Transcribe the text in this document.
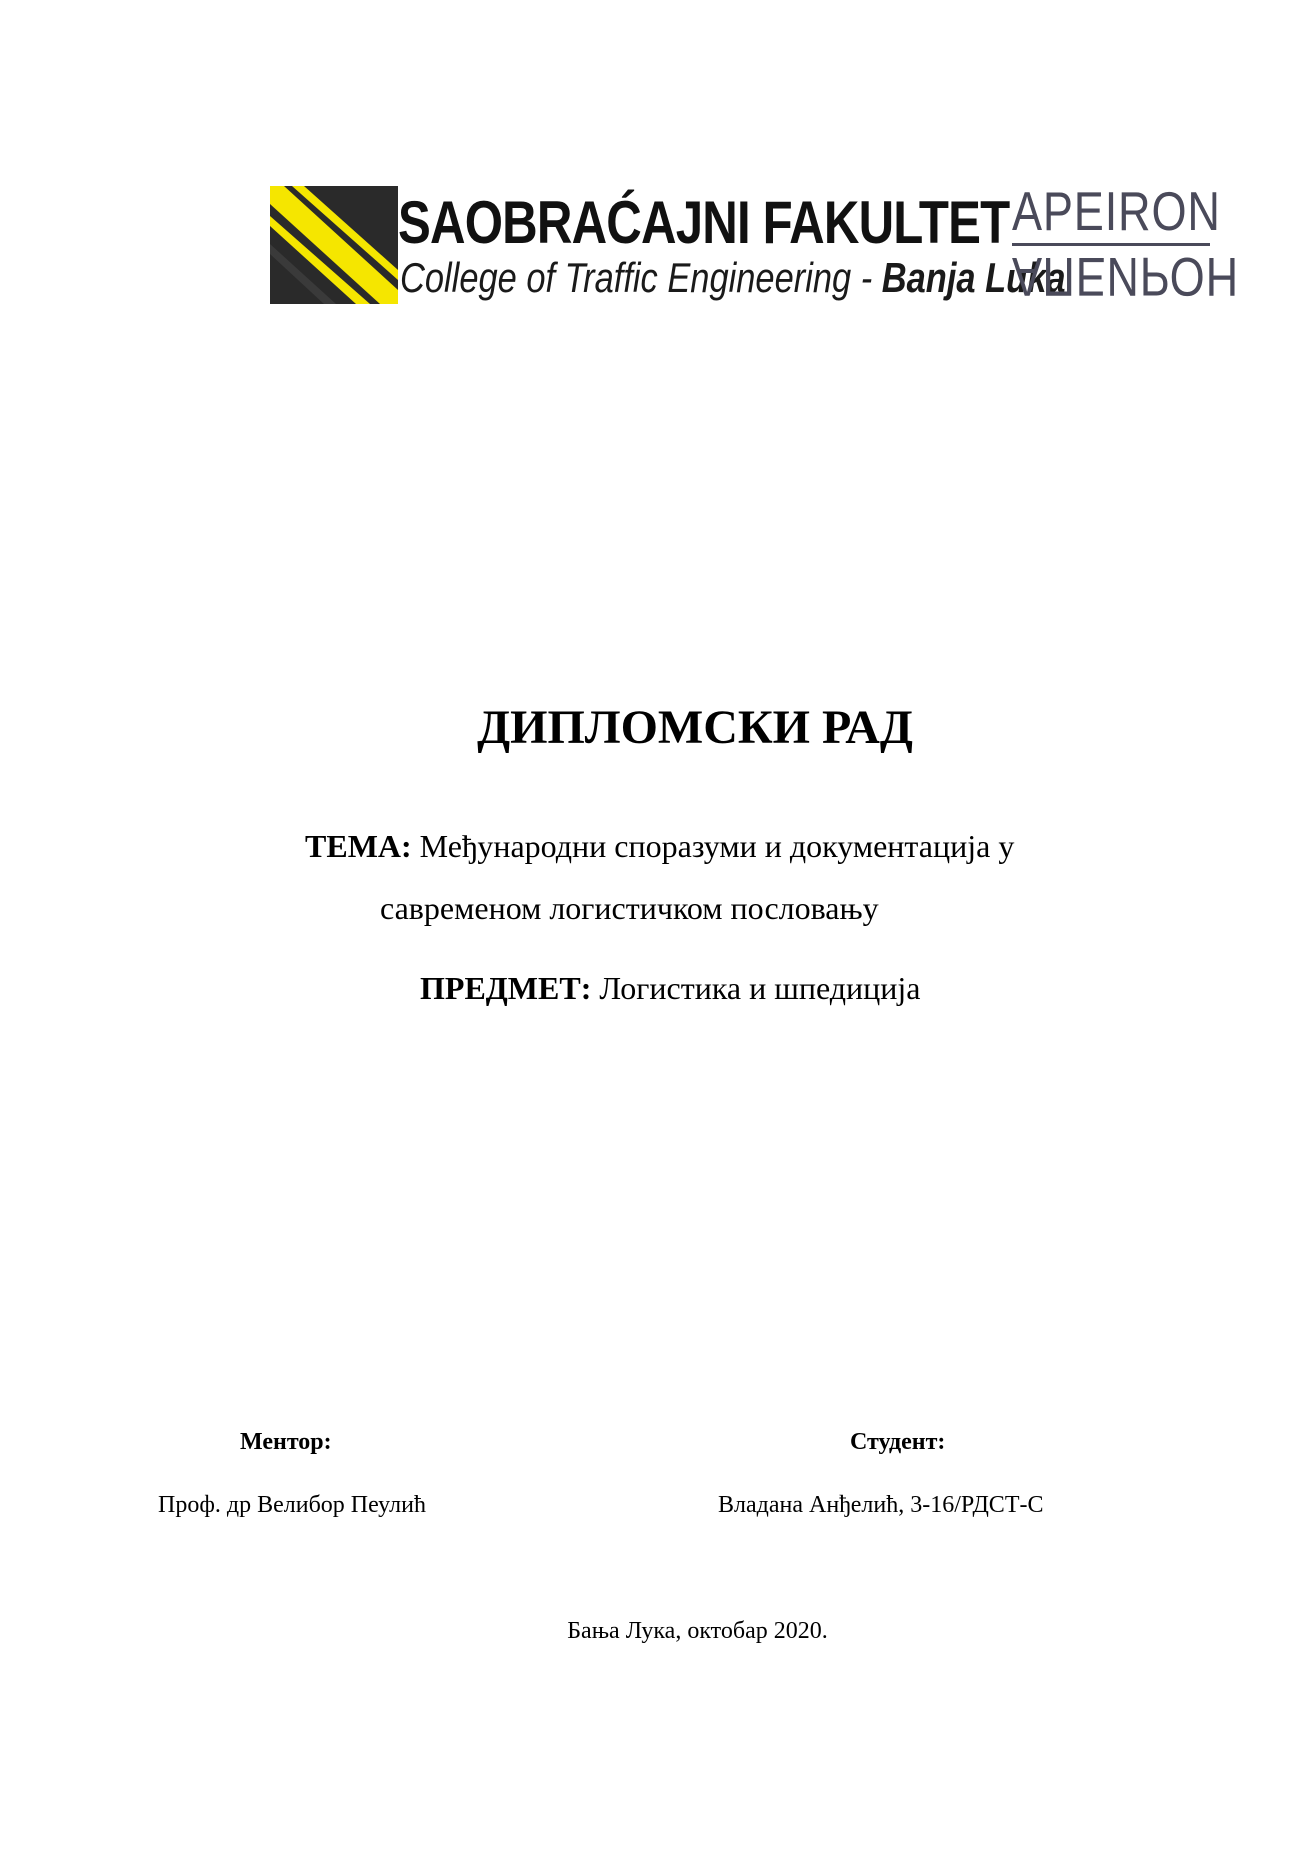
SAOBRAĆAJNI FAKULTET
College of Traffic Engineering - Banja Luka
APEIRON
АПЕИРОН
ДИПЛОМСКИ РАД
ТЕМА: Међународни споразуми и документација у
савременом логистичком пословању
ПРЕДМЕТ: Логистика и шпедиција
Ментор:
Проф. др Велибор Пеулић
Студент:
Владана Анђелић, 3-16/РДСТ-С
Бања Лука, октобар 2020.
